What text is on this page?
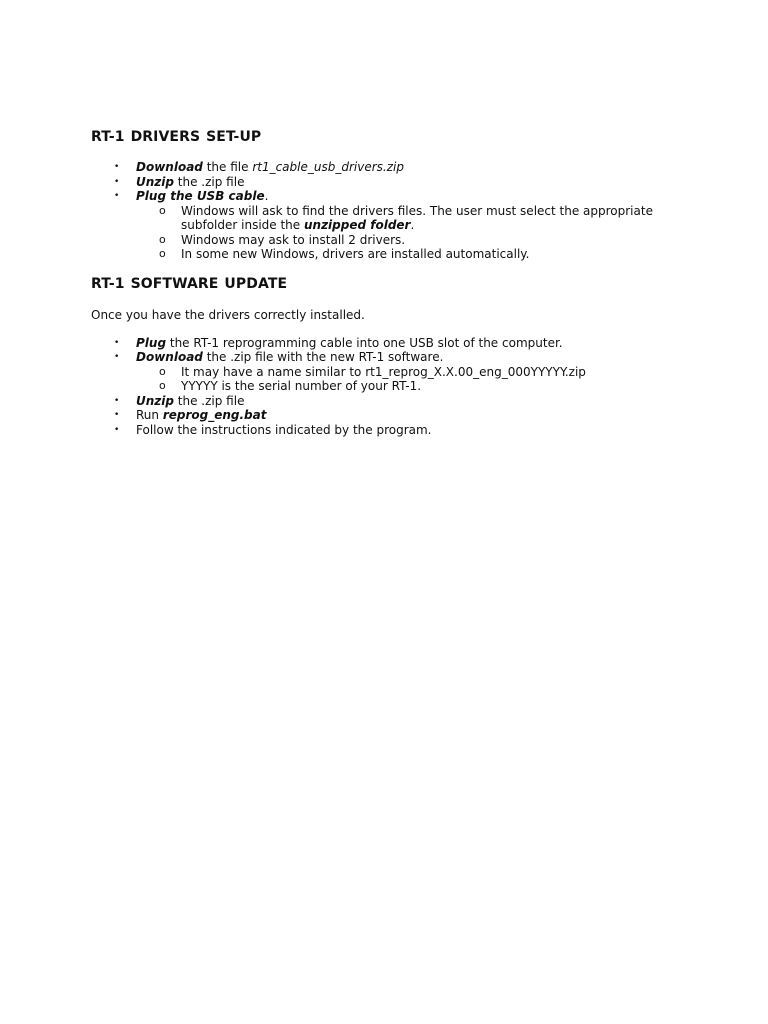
RT-1 DRIVERS SET-UP
• Download the file rt1_cable_usb_drivers.zip
• Unzip the .zip file
• Plug the USB cable.
o Windows will ask to find the drivers files. The user must select the appropriate
subfolder inside the unzipped folder.
o Windows may ask to install 2 drivers.
o In some new Windows, drivers are installed automatically.
RT-1 SOFTWARE UPDATE

Once you have the drivers correctly installed.

• Plug the RT-1 reprogramming cable into one USB slot of the computer.
• Download the .zip file with the new RT-1 software.
o It may have a name similar to rt1_reprog_X.X.00_eng_000YYYYY.zip
o YYYYY is the serial number of your RT-1.
• Unzip the .zip file
• Run reprog_eng.bat
• Follow the instructions indicated by the program.
